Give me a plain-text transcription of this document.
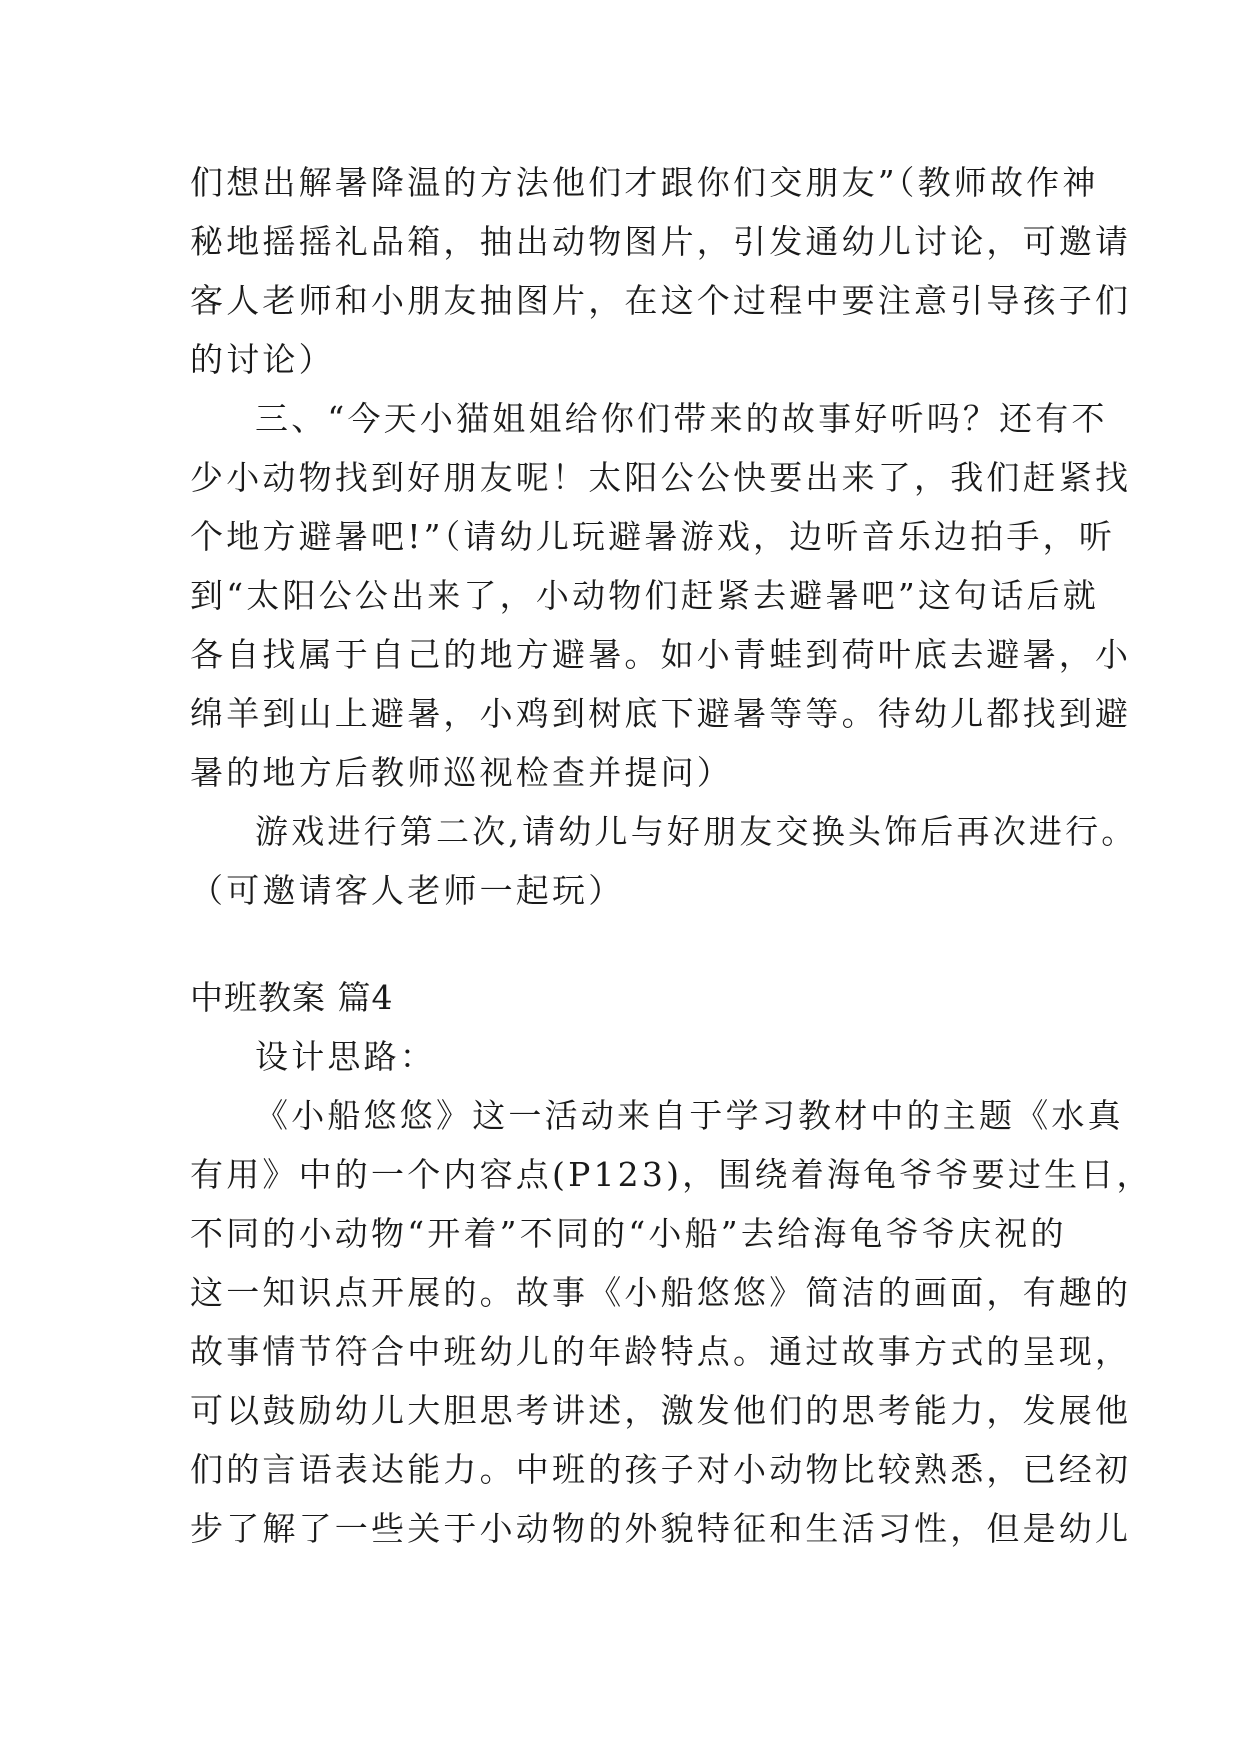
们想出解暑降温的方法他们才跟你们交朋友”（教师故作神
秘地摇摇礼品箱，抽出动物图片，引发通幼儿讨论，可邀请
客人老师和小朋友抽图片，在这个过程中要注意引导孩子们
的讨论）
三、“今天小猫姐姐给你们带来的故事好听吗？还有不
少小动物找到好朋友呢！太阳公公快要出来了，我们赶紧找
个地方避暑吧!”（请幼儿玩避暑游戏，边听音乐边拍手，听
到“太阳公公出来了，小动物们赶紧去避暑吧”这句话后就
各自找属于自己的地方避暑。如小青蛙到荷叶底去避暑，小
绵羊到山上避暑，小鸡到树底下避暑等等。待幼儿都找到避
暑的地方后教师巡视检查并提问）
游戏进行第二次,请幼儿与好朋友交换头饰后再次进行。
（可邀请客人老师一起玩）
中班教案 篇4
设计思路：
《小船悠悠》这一活动来自于学习教材中的主题《水真
有用》中的一个内容点(P123)，围绕着海龟爷爷要过生日，
不同的小动物“开着”不同的“小船”去给海龟爷爷庆祝的
这一知识点开展的。故事《小船悠悠》简洁的画面，有趣的
故事情节符合中班幼儿的年龄特点。通过故事方式的呈现，
可以鼓励幼儿大胆思考讲述，激发他们的思考能力，发展他
们的言语表达能力。中班的孩子对小动物比较熟悉，已经初
步了解了一些关于小动物的外貌特征和生活习性，但是幼儿
